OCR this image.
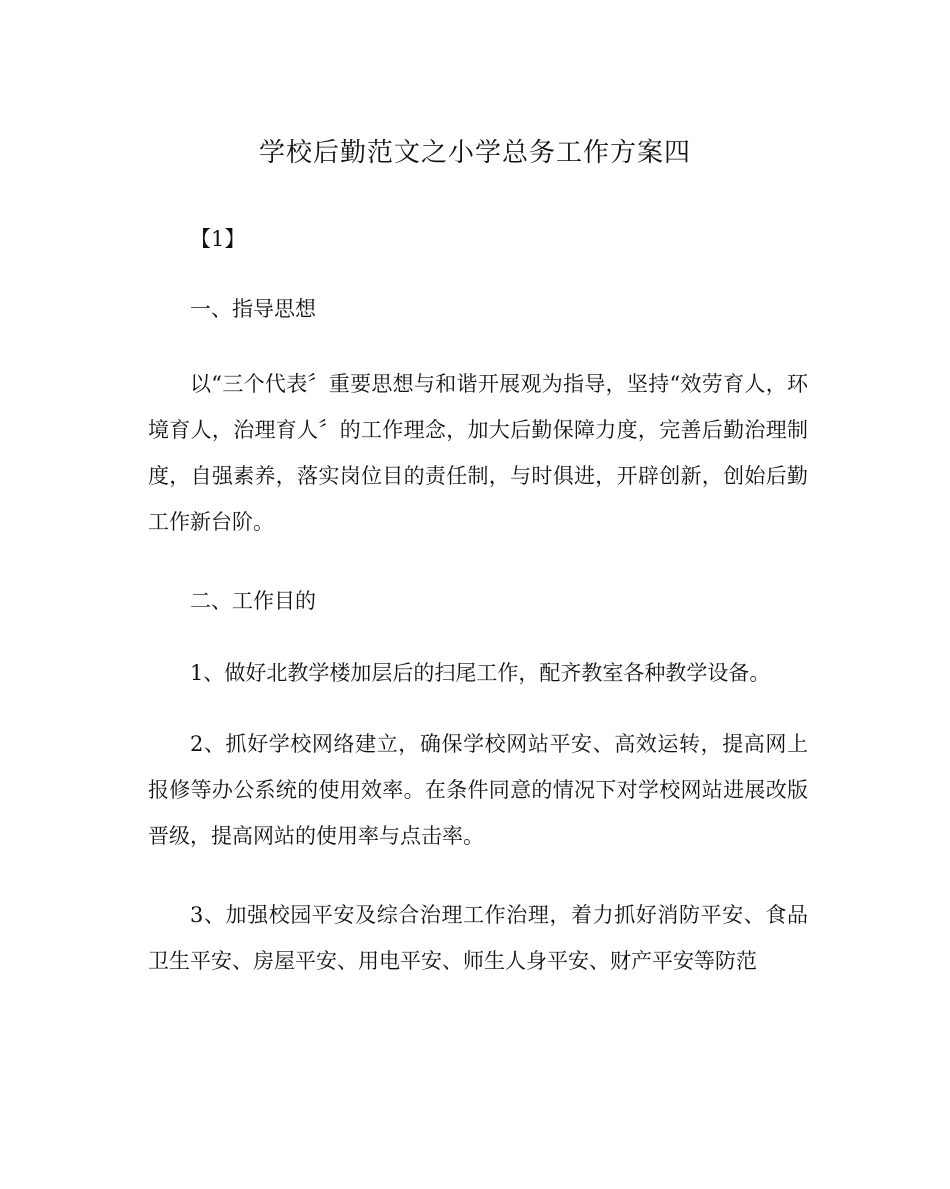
学校后勤范文之小学总务工作方案四

【1】

一、指导思想

以“三个代表〞重要思想与和谐开展观为指导，坚持“效劳育人，环境育人，治理育人〞的工作理念，加大后勤保障力度，完善后勤治理制度，自强素养，落实岗位目的责任制，与时俱进，开辟创新，创始后勤工作新台阶。

二、工作目的

1、做好北教学楼加层后的扫尾工作，配齐教室各种教学设备。

2、抓好学校网络建立，确保学校网站平安、高效运转，提高网上报修等办公系统的使用效率。在条件同意的情况下对学校网站进展改版晋级，提高网站的使用率与点击率。

3、加强校园平安及综合治理工作治理，着力抓好消防平安、食品卫生平安、房屋平安、用电平安、师生人身平安、财产平安等防范
